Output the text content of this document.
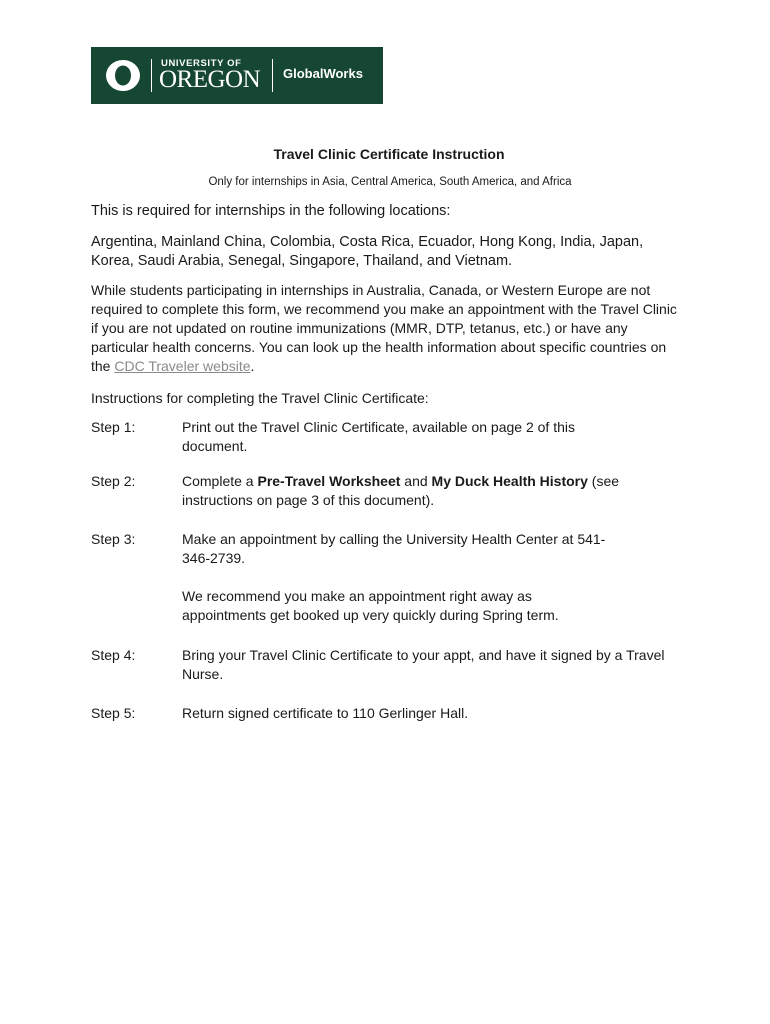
UNIVERSITY OF
OREGON GlobalWorks
Travel Clinic Certificate Instruction
Only for internships in Asia, Central America, South America, and Africa

This is required for internships in the following locations:

Argentina, Mainland China, Colombia, Costa Rica, Ecuador, Hong Kong, India, Japan,
Korea, Saudi Arabia, Senegal, Singapore, Thailand, and Vietnam.

While students participating in internships in Australia, Canada, or Western Europe are not required to complete this form, we recommend you make an appointment with the Travel Clinic if you are not updated on routine immunizations (MMR, DTP, tetanus, etc.) or have any particular health concerns. You can look up the health information about specific countries on the CDC Traveler website.

Instructions for completing the Travel Clinic Certificate:

Step 1:	Print out the Travel Clinic Certificate, available on page 2 of this document.
Step 2:	Complete a Pre-Travel Worksheet and My Duck Health History (see instructions on page 3 of this document).
Step 3:	Make an appointment by calling the University Health Center at 541-346-2739.
We recommend you make an appointment right away as appointments get booked up very quickly during Spring term.
Step 4:	Bring your Travel Clinic Certificate to your appt, and have it signed by a Travel Nurse.
Step 5:	Return signed certificate to 110 Gerlinger Hall.
